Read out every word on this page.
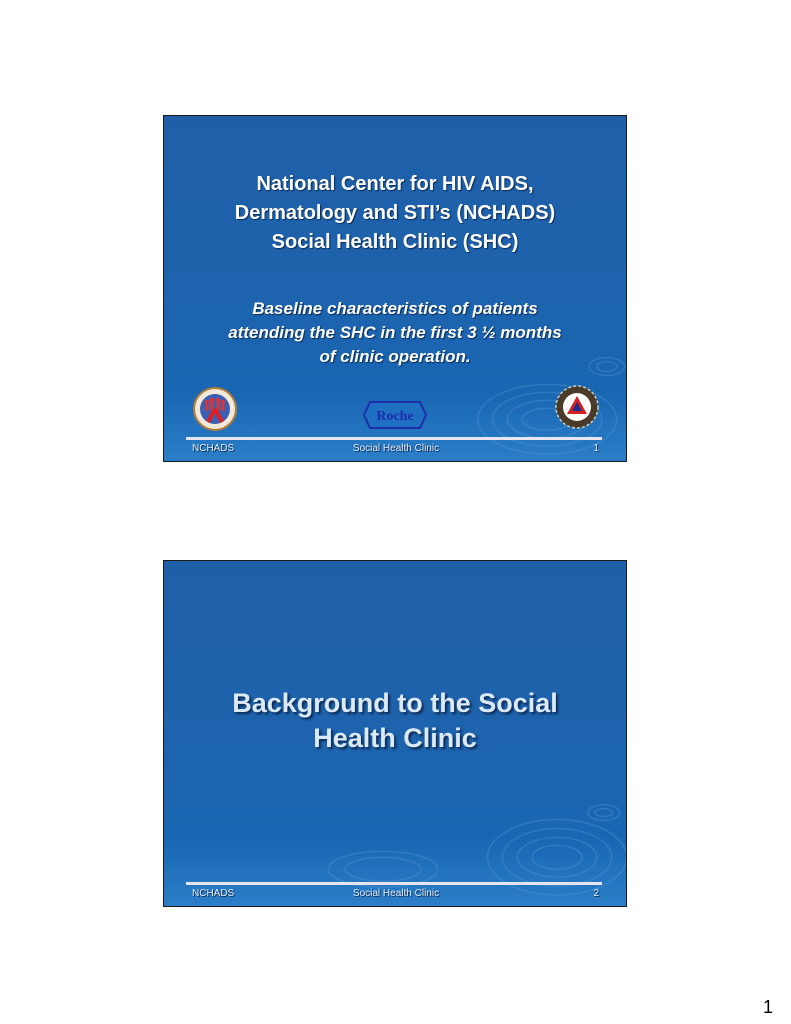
National Center for HIV AIDS,
Dermatology and STI’s (NCHADS)
Social Health Clinic (SHC)
Baseline characteristics of patients
attending the SHC in the first 3 ½ months
of clinic operation.
Roche
NCHADS	Social Health Clinic	1
Background to the Social
Health Clinic
NCHADS	Social Health Clinic	2
1
